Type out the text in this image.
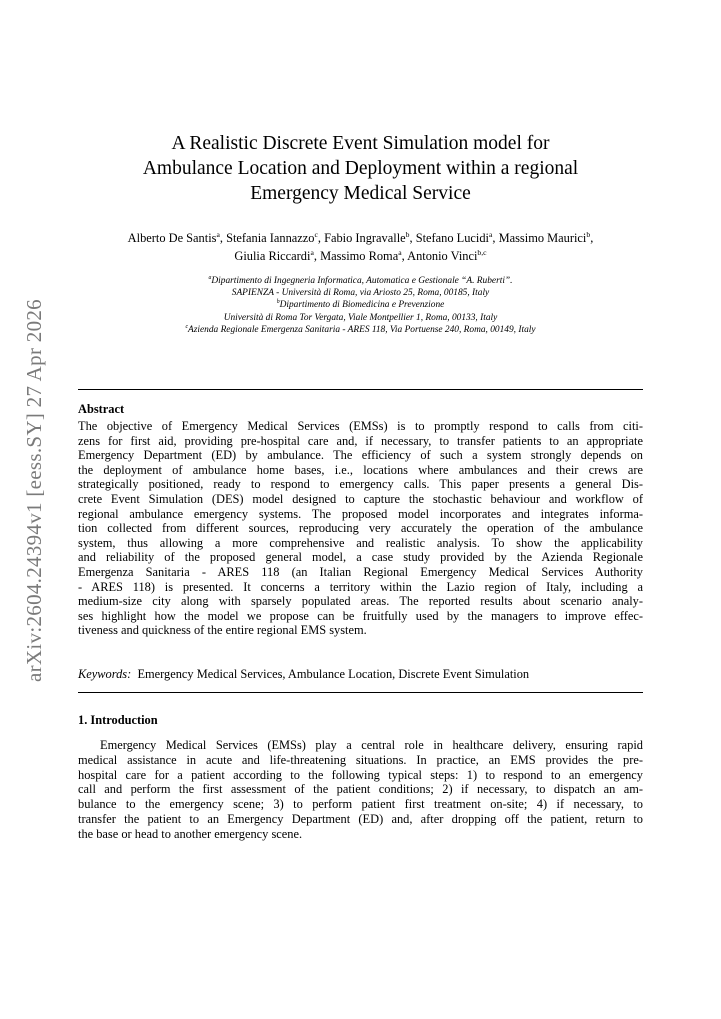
arXiv:2604.24394v1 [eess.SY] 27 Apr 2026
A Realistic Discrete Event Simulation model for
Ambulance Location and Deployment within a regional
Emergency Medical Service
Alberto De Santis$^a$, Stefania Iannazzo$^c$, Fabio Ingravalle$^b$, Stefano Lucidi$^a$, Massimo Maurici$^b$,
Giulia Riccardi$^a$, Massimo Roma$^a$, Antonio Vinci$^{b,c}$
$^a$Dipartimento di Ingegneria Informatica, Automatica e Gestionale “A. Ruberti”.
SAPIENZA - Università di Roma, via Ariosto 25, Roma, 00185, Italy
$^b$Dipartimento di Biomedicina e Prevenzione
Università di Roma Tor Vergata, Viale Montpellier 1, Roma, 00133, Italy
$^c$Azienda Regionale Emergenza Sanitaria - ARES 118, Via Portuense 240, Roma, 00149, Italy
Abstract
The objective of Emergency Medical Services (EMSs) is to promptly respond to calls from citi-
zens for first aid, providing pre-hospital care and, if necessary, to transfer patients to an appropriate
Emergency Department (ED) by ambulance. The efficiency of such a system strongly depends on
the deployment of ambulance home bases, i.e., locations where ambulances and their crews are
strategically positioned, ready to respond to emergency calls. This paper presents a general Dis-
crete Event Simulation (DES) model designed to capture the stochastic behaviour and workflow of
regional ambulance emergency systems. The proposed model incorporates and integrates informa-
tion collected from different sources, reproducing very accurately the operation of the ambulance
system, thus allowing a more comprehensive and realistic analysis. To show the applicability
and reliability of the proposed general model, a case study provided by the Azienda Regionale
Emergenza Sanitaria - ARES 118 (an Italian Regional Emergency Medical Services Authority
- ARES 118) is presented. It concerns a territory within the Lazio region of Italy, including a
medium-size city along with sparsely populated areas. The reported results about scenario analy-
ses highlight how the model we propose can be fruitfully used by the managers to improve effec-
tiveness and quickness of the entire regional EMS system.
Keywords: Emergency Medical Services, Ambulance Location, Discrete Event Simulation
1. Introduction
Emergency Medical Services (EMSs) play a central role in healthcare delivery, ensuring rapid
medical assistance in acute and life-threatening situations. In practice, an EMS provides the pre-
hospital care for a patient according to the following typical steps: 1) to respond to an emergency
call and perform the first assessment of the patient conditions; 2) if necessary, to dispatch an am-
bulance to the emergency scene; 3) to perform patient first treatment on-site; 4) if necessary, to
transfer the patient to an Emergency Department (ED) and, after dropping off the patient, return to
the base or head to another emergency scene.
